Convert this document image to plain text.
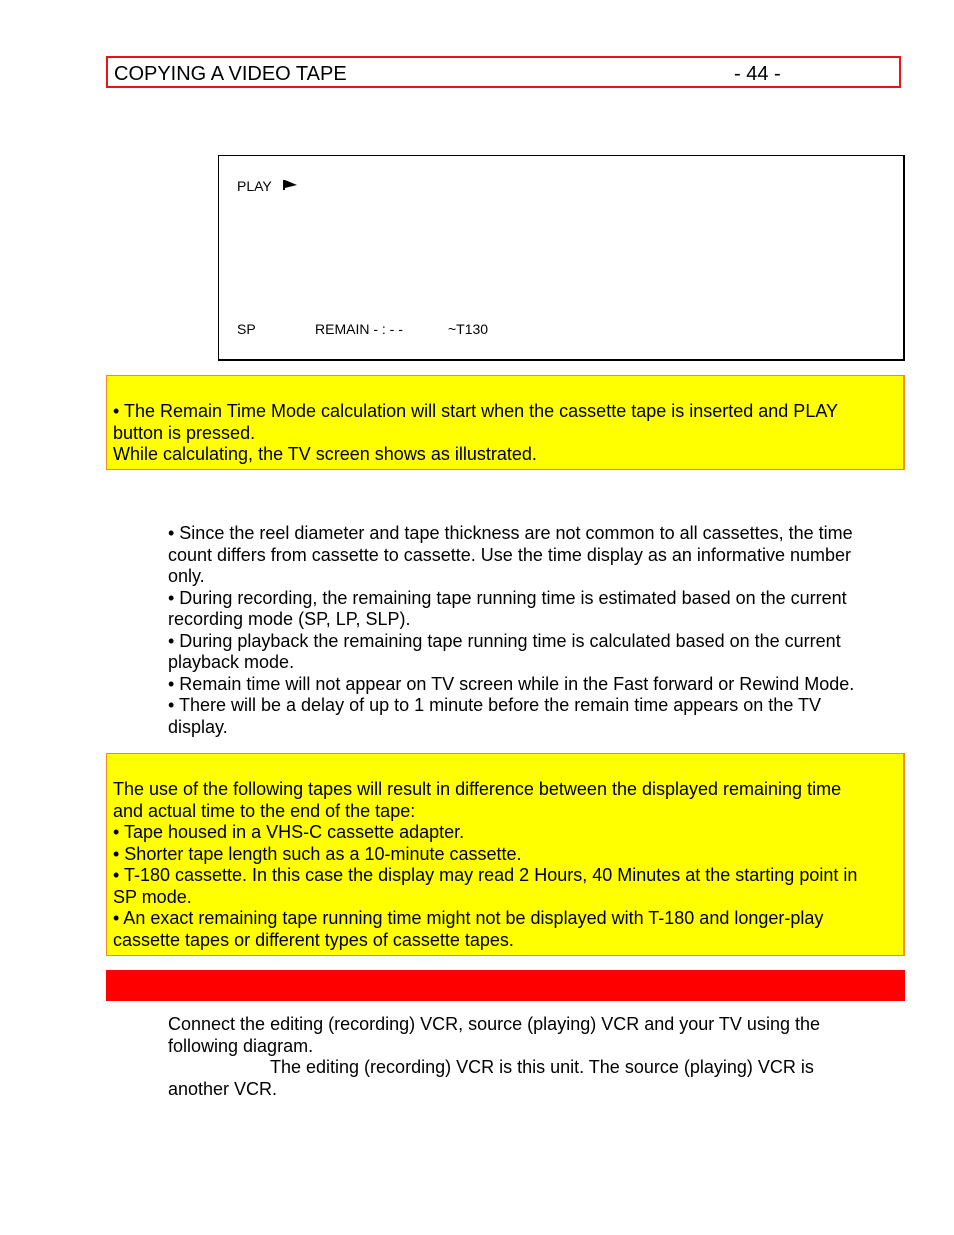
COPYING A VIDEO TAPE	- 44 -
PLAY
SP	REMAIN - : - -	~T130
• The Remain Time Mode calculation will start when the cassette tape is inserted and PLAY
button is pressed.
While calculating, the TV screen shows as illustrated.
• Since the reel diameter and tape thickness are not common to all cassettes, the time
count differs from cassette to cassette. Use the time display as an informative number
only.
• During recording, the remaining tape running time is estimated based on the current
recording mode (SP, LP, SLP).
• During playback the remaining tape running time is calculated based on the current
playback mode.
• Remain time will not appear on TV screen while in the Fast forward or Rewind Mode.
• There will be a delay of up to 1 minute before the remain time appears on the TV
display.
The use of the following tapes will result in difference between the displayed remaining time
and actual time to the end of the tape:
• Tape housed in a VHS-C cassette adapter.
• Shorter tape length such as a 10-minute cassette.
• T-180 cassette. In this case the display may read 2 Hours, 40 Minutes at the starting point in
SP mode.
• An exact remaining tape running time might not be displayed with T-180 and longer-play
cassette tapes or different types of cassette tapes.
Connect the editing (recording) VCR, source (playing) VCR and your TV using the
following diagram.
The editing (recording) VCR is this unit. The source (playing) VCR is
another VCR.
